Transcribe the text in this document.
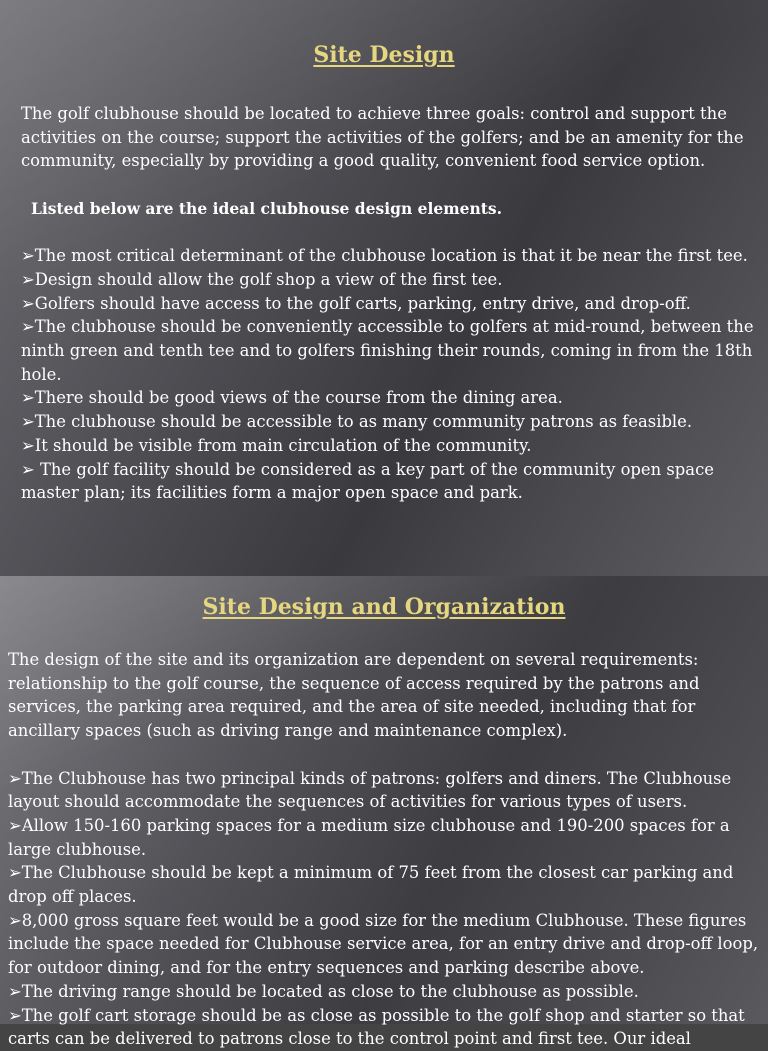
Site Design

The golf clubhouse should be located to achieve three goals: control and support the activities on the course; support the activities of the golfers; and be an amenity for the community, especially by providing a good quality, convenient food service option.

Listed below are the ideal clubhouse design elements.

➢ The most critical determinant of the clubhouse location is that it be near the first tee.

➢ Design should allow the golf shop a view of the first tee.

➢ Golfers should have access to the golf carts, parking, entry drive, and drop-off.

➢ The clubhouse should be conveniently accessible to golfers at mid-round, between the ninth green and tenth tee and to golfers finishing their rounds, coming in from the 18th hole.

➢ There should be good views of the course from the dining area.

➢ The clubhouse should be accessible to as many community patrons as feasible.

➢ It should be visible from main circulation of the community.

➢ The golf facility should be considered as a key part of the community open space master plan; its facilities form a major open space and park.

Site Design and Organization

The design of the site and its organization are dependent on several requirements: relationship to the golf course, the sequence of access required by the patrons and services, the parking area required, and the area of site needed, including that for ancillary spaces (such as driving range and maintenance complex).

➢ The Clubhouse has two principal kinds of patrons: golfers and diners. The Clubhouse layout should accommodate the sequences of activities for various types of users.

➢ Allow 150-160 parking spaces for a medium size clubhouse and 190-200 spaces for a large clubhouse.

➢ The Clubhouse should be kept a minimum of 75 feet from the closest car parking and drop off places.

➢ 8,000 gross square feet would be a good size for the medium Clubhouse. These figures include the space needed for Clubhouse service area, for an entry drive and drop-off loop, for outdoor dining, and for the entry sequences and parking describe above.

➢ The driving range should be located as close to the clubhouse as possible.

➢ The golf cart storage should be as close as possible to the golf shop and starter so that carts can be delivered to patrons close to the control point and first tee. Our ideal
